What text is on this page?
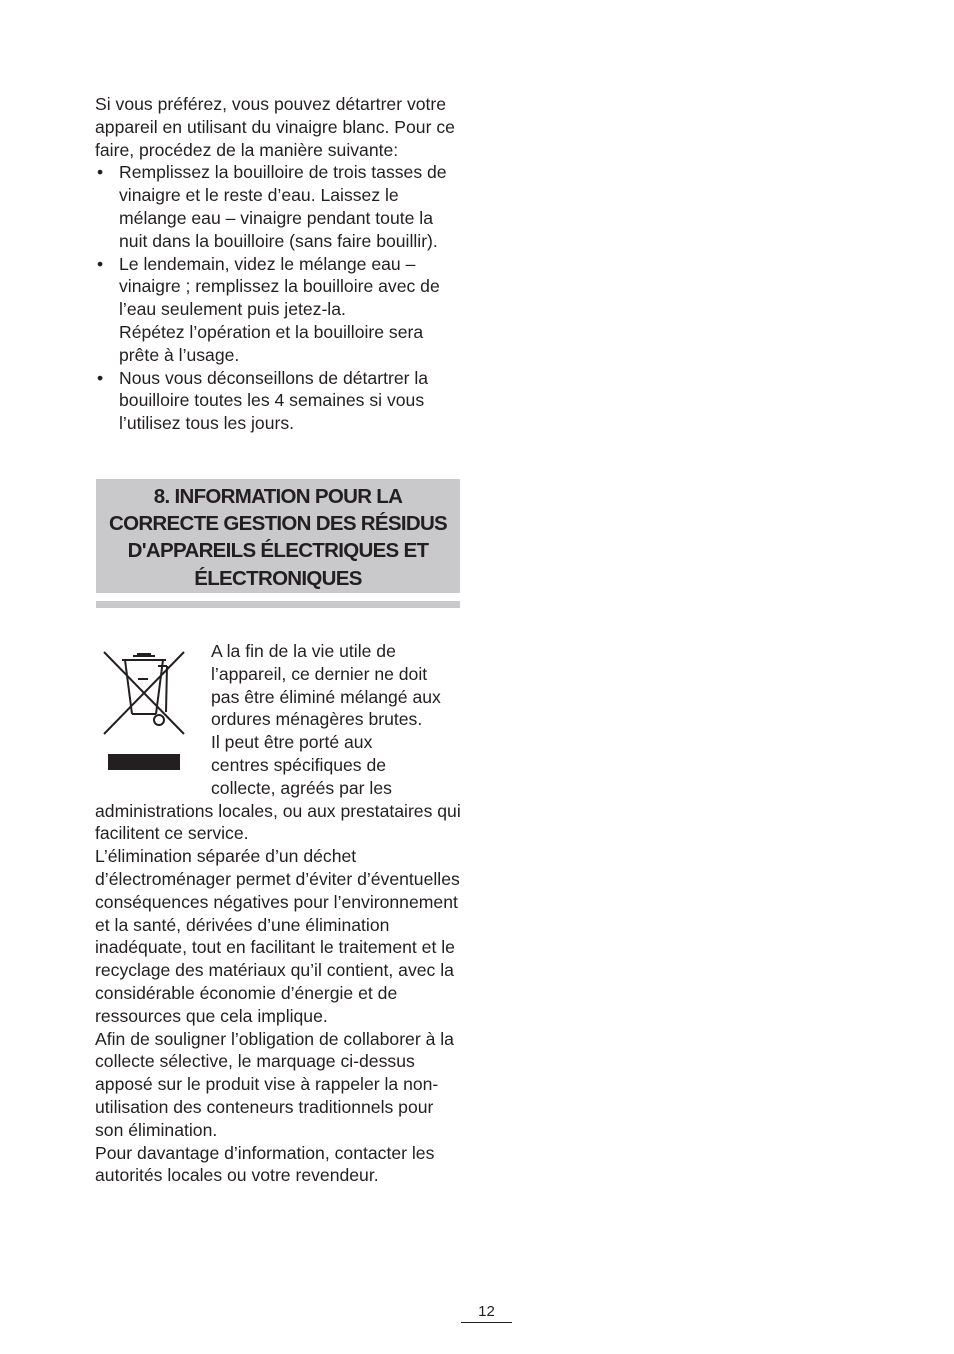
Si vous préférez, vous pouvez détartrer votre appareil en utilisant du vinaigre blanc. Pour ce faire, procédez de la manière suivante:

• Remplissez la bouilloire de trois tasses de vinaigre et le reste d’eau. Laissez le mélange eau – vinaigre pendant toute la nuit dans la bouilloire (sans faire bouillir).
• Le lendemain, videz le mélange eau – vinaigre ; remplissez la bouilloire avec de l’eau seulement puis jetez-la.
Répétez l’opération et la bouilloire sera prête à l’usage.
• Nous vous déconseillons de détartrer la bouilloire toutes les 4 semaines si vous l’utilisez tous les jours.
8. INFORMATION POUR LA
CORRECTE GESTION DES RÉSIDUS
D'APPAREILS ÉLECTRIQUES ET
ÉLECTRONIQUES
A la fin de la vie utile de
l’appareil, ce dernier ne doit
pas être éliminé mélangé aux
ordures ménagères brutes.
Il peut être porté aux
centres spécifiques de
collecte, agréés par les

administrations locales, ou aux prestataires qui facilitent ce service.

L’élimination séparée d’un déchet d’électroménager permet d’éviter d’éventuelles conséquences négatives pour l’environnement et la santé, dérivées d’une élimination inadéquate, tout en facilitant le traitement et le recyclage des matériaux qu’il contient, avec la considérable économie d’énergie et de ressources que cela implique.

Afin de souligner l’obligation de collaborer à la collecte sélective, le marquage ci-dessus apposé sur le produit vise à rappeler la non-utilisation des conteneurs traditionnels pour son élimination.

Pour davantage d’information, contacter les autorités locales ou votre revendeur.

12
